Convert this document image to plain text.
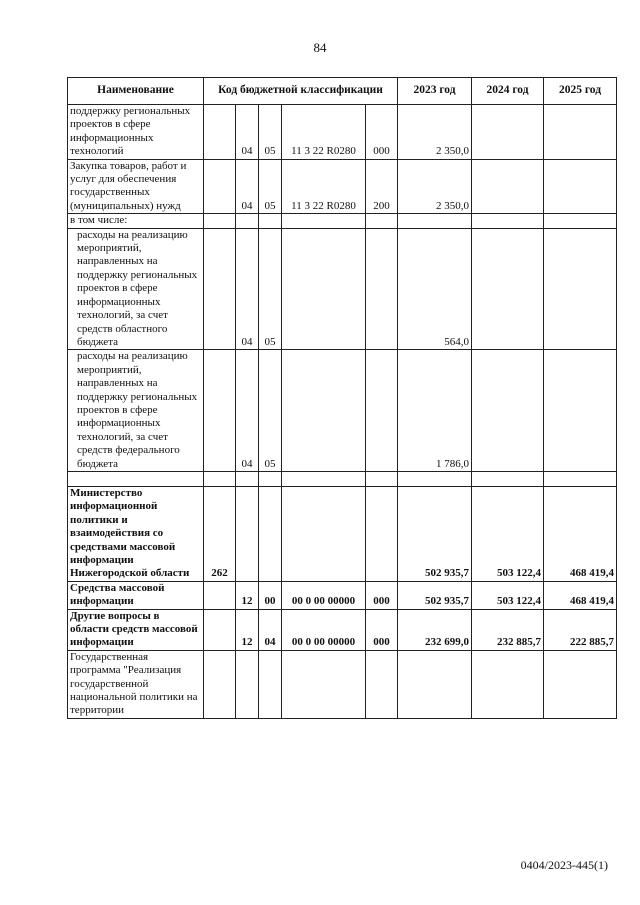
84
Наименование	Код бюджетной классификации					2023 год	2024 год	2025 год
поддержку региональных проектов в сфере информационных технологий		04	05	11 3 22 R0280	000	2 350,0		
Закупка товаров, работ и услуг для обеспечения государственных (муниципальных) нужд		04	05	11 3 22 R0280	200	2 350,0		
в том числе:								
расходы на реализацию мероприятий, направленных на поддержку региональных проектов в сфере информационных технологий, за счет средств областного бюджета		04	05			564,0		
расходы на реализацию мероприятий, направленных на поддержку региональных проектов в сфере информационных технологий, за счет средств федерального бюджета		04	05			1 786,0		

Министерство информационной политики и взаимодействия со средствами массовой информации Нижегородской области	262					502 935,7	503 122,4	468 419,4
Средства массовой информации		12	00	00 0 00 00000	000	502 935,7	503 122,4	468 419,4
Другие вопросы в области средств массовой информации		12	04	00 0 00 00000	000	232 699,0	232 885,7	222 885,7
Государственная программа "Реализация государственной национальной политики на территории								
0404/2023-445(1)
